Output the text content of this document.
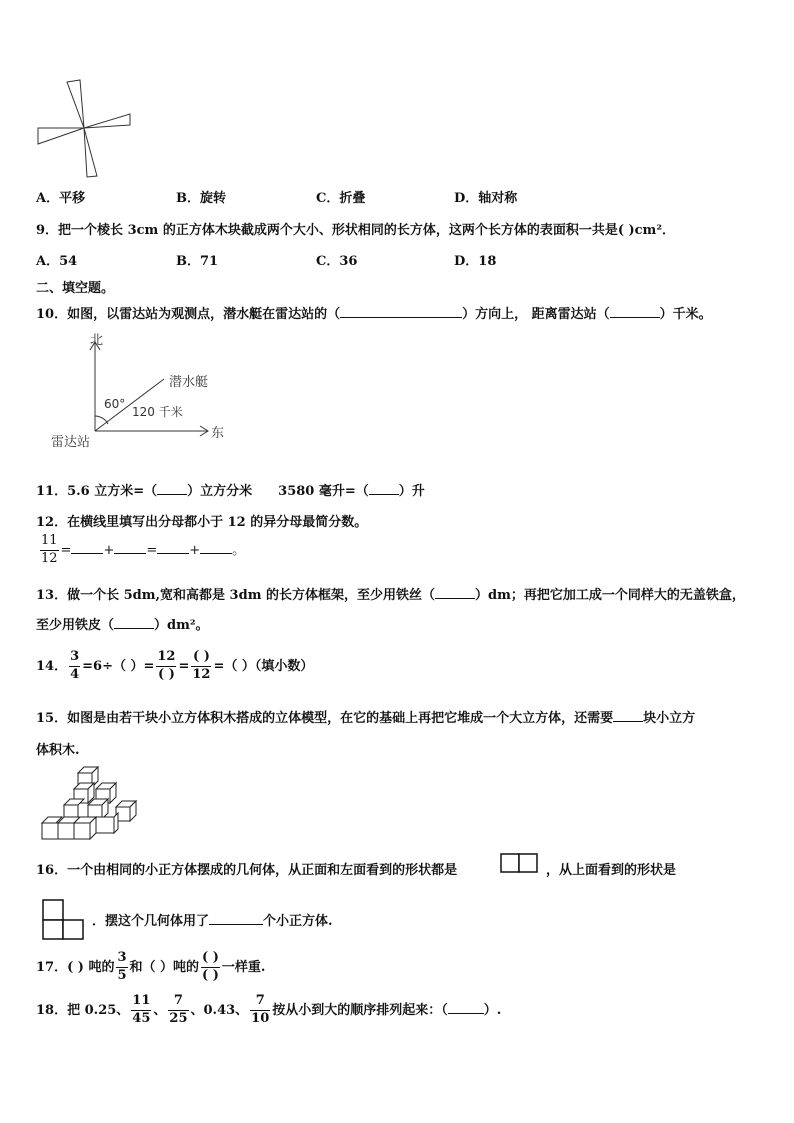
A．平移	B．旋转	C．折叠	D．轴对称
9．把一个棱长 3cm 的正方体木块截成两个大小、形状相同的长方体，这两个长方体的表面积一共是( )cm²．
A．54	B．71	C．36	D．18
二、填空题。
10．如图，以雷达站为观测点，潜水艇在雷达站的（	）方向上， 距离雷达站（	）千米。
北
东
雷达站
潜水艇
60°
120 千米
11．5.6 立方米=（ ）立方分米 3580 毫升=（ ）升
12．在横线里填写出分母都小于 12 的异分母最简分数。
$\frac{11}{12}$ = + = + 。
13．做一个长 5dm,宽和高都是 3dm 的长方体框架，至少用铁丝（	）dm；再把它加工成一个同样大的无盖铁盒，
至少用铁皮（	）dm²。
14． $\frac{3}{4} =6\div$（ ）= $\frac{12}{( )} = \frac{( )}{12}$ =（ ）（填小数）
15．如图是由若干块小立方体积木搭成的立体模型，在它的基础上再把它堆成一个大立方体，还需要 块小立方
体积木.
16．一个由相同的小正方体摆成的几何体，从正面和左面看到的形状都是	，从上面看到的形状是
．摆这个几何体用了	个小正方体.
17．( ) 吨的 $\frac{3}{5}$ 和（ ）吨的 $\frac{( )}{( )}$ 一样重.
18．把 0.25、 $\frac{11}{45}$ 、 $\frac{7}{25}$ 、0.43、 $\frac{7}{10}$ 按从小到大的顺序排列起来：（	）.
